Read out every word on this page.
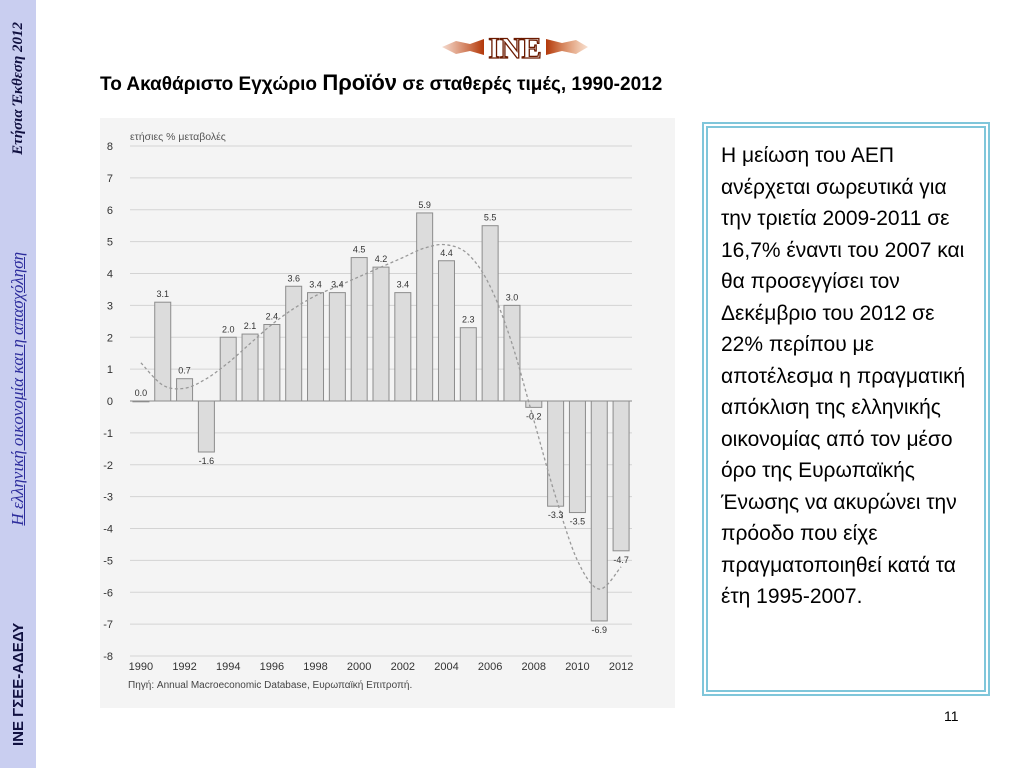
ΙΝΕ ΓΣΕΕ-ΑΔΕΔΥ
Η ελληνική οικονομία και η απασχόληση
Ετήσια Έκθεση 2012	INE
Το Ακαθάριστο Εγχώριο Προϊόν σε σταθερές τιμές, 1990-2012
0.0
3.1
0.7
-1.6
2.0 2.1
2.4
3.6
3.4 3.4
4.5
4.2
3.4
5.9
4.4
2.3
5.5
3.0
-0.2
-3.3
-3.5
-6.9
-4.7
ετήσιες % μεταβολές
8
7
6
5
4
3
2
1
0
-1
-2
-3
-4
-5
-6
-7
-8
1990 1992 1994 1996 1998 2000 2002 2004 2006 2008 2010 2012
Πηγή: Annual Macroeconomic Database, Ευρωπαϊκή Επιτροπή.

Η μείωση του ΑΕΠ ανέρχεται σωρευτικά για την τριετία 2009-2011 σε 16,7% έναντι του 2007 και θα προσεγγίσει τον Δεκέμβριο του 2012 σε 22% περίπου με αποτέλεσμα η πραγματική απόκλιση της ελληνικής οικονομίας από τον μέσο όρο της Ευρωπαϊκής Ένωσης να ακυρώνει την πρόοδο που είχε πραγματοποιηθεί κατά τα έτη 1995-2007.

11
